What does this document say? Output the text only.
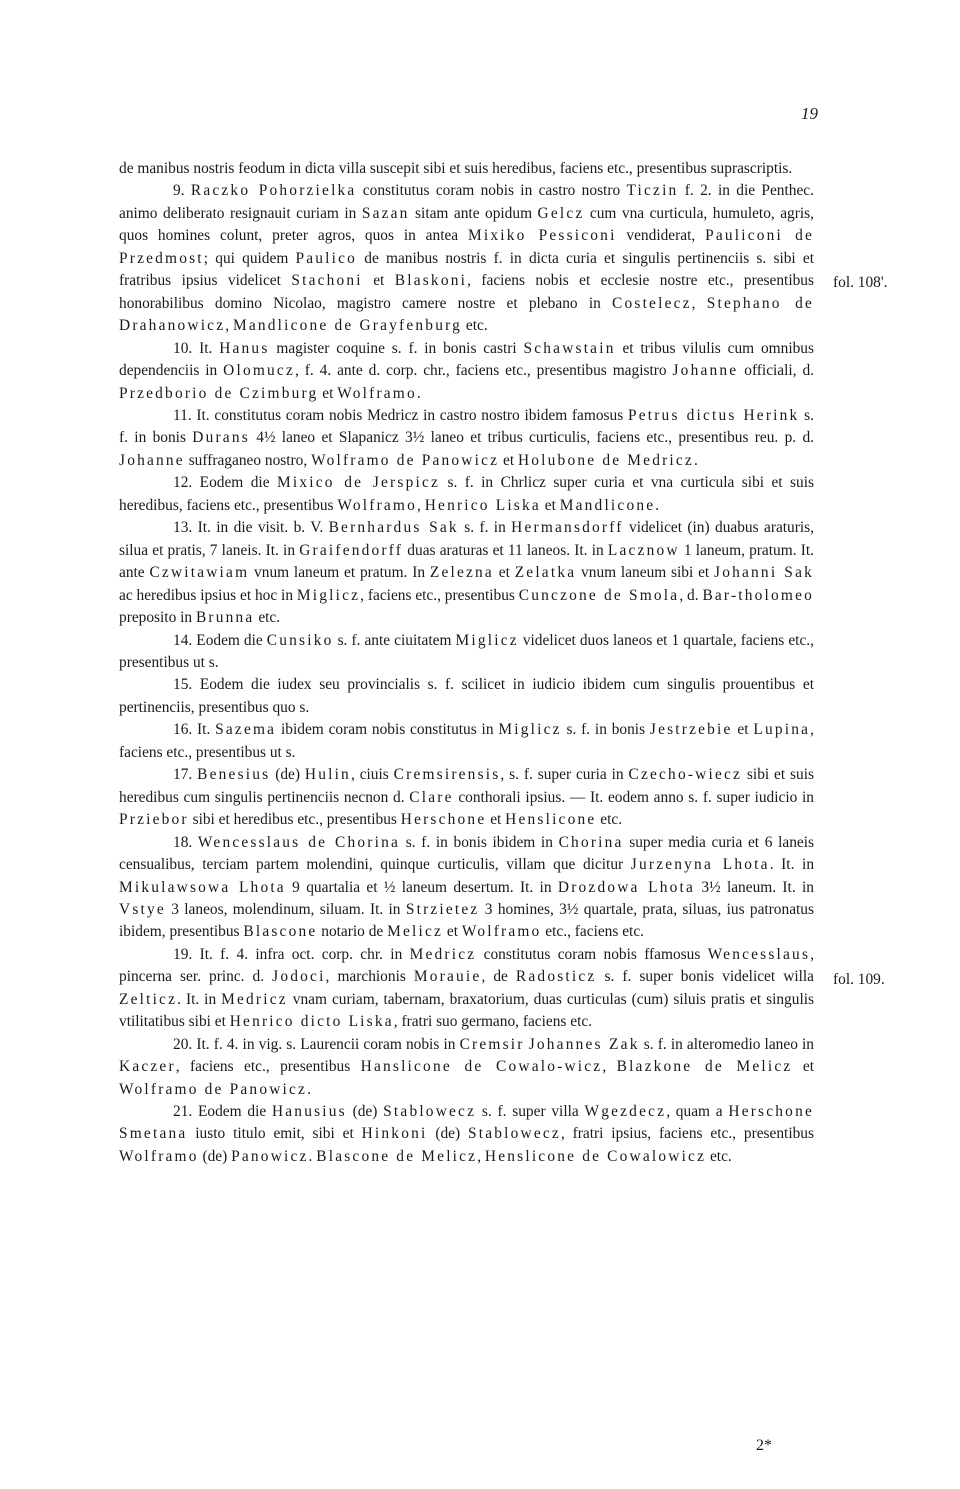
19

de manibus nostris feodum in dicta villa suscepit sibi et suis heredibus, faciens etc., presentibus suprascriptis.

9. Raczko Pohorzielka constitutus coram nobis in castro nostro Ticzin f. 2. in die Penthec. animo deliberato resignauit curiam in Sazan sitam ante opidum Gelcz cum vna curticula, humuleto, agris, quos homines colunt, preter agros, quos in antea Mixiko Pessiconi vendiderat, Pauliconi de Przedmost; qui quidem Paulico de manibus nostris f. in dicta curia et singulis pertinenciis s. sibi et fratribus ipsius videlicet Stachoni et Blaskoni, faciens nobis et ecclesie nostre etc., presentibus honorabilibus domino Nicolao, magistro camere nostre et plebano in Costelecz, Stephano de Drahanowicz, Mandlicone de Grayfenburg etc.

10. It. Hanus magister coquine s. f. in bonis castri Schawstain et tribus vilulis cum omnibus dependenciis in Olomucz, f. 4. ante d. corp. chr., faciens etc., presentibus magistro Johanne officiali, d. Przedborio de Czimburg et Wolframo.

11. It. constitutus coram nobis Medricz in castro nostro ibidem famosus Petrus dictus Herink s. f. in bonis Durans 4½ laneo et Slapanicz 3½ laneo et tribus curticulis, faciens etc., presentibus reu. p. d. Johanne suffraganeo nostro, Wolframo de Panowicz et Holubone de Medricz.

12. Eodem die Mixico de Jerspicz s. f. in Chrlicz super curia et vna curticula sibi et suis heredibus, faciens etc., presentibus Wolframo, Henrico Liska et Mandlicone.

13. It. in die visit. b. V. Bernhardus Sak s. f. in Hermansdorff videlicet (in) duabus araturis, silua et pratis, 7 laneis. It. in Graifendorff duas araturas et 11 laneos. It. in Lacznow 1 laneum, pratum. It. ante Czwitawiam vnum laneum et pratum. In Zelezna et Zelatka vnum laneum sibi et Johanni Sak ac heredibus ipsius et hoc in Miglicz, faciens etc., presentibus Cunczone de Smola, d. Bar-tholomeo preposito in Brunna etc.

14. Eodem die Cunsiko s. f. ante ciuitatem Miglicz videlicet duos laneos et 1 quartale, faciens etc., presentibus ut s.

15. Eodem die iudex seu provincialis s. f. scilicet in iudicio ibidem cum singulis prouentibus et pertinenciis, presentibus quo s.

16. It. Sazema ibidem coram nobis constitutus in Miglicz s. f. in bonis Jestrzebie et Lupina, faciens etc., presentibus ut s.

17. Benesius (de) Hulin, ciuis Cremsirensis, s. f. super curia in Czecho-wiecz sibi et suis heredibus cum singulis pertinenciis necnon d. Clare conthorali ipsius. — It. eodem anno s. f. super iudicio in Prziebor sibi et heredibus etc., presentibus Herschone et Henslicone etc.

18. Wencesslaus de Chorina s. f. in bonis ibidem in Chorina super media curia et 6 laneis censualibus, terciam partem molendini, quinque curticulis, villam que dicitur Jurzenyna Lhota. It. in Mikulawsowa Lhota 9 quartalia et ½ laneum desertum. It. in Drozdowa Lhota 3½ laneum. It. in Vstye 3 laneos, molendinum, siluam. It. in Strzietez 3 homines, 3½ quartale, prata, siluas, ius patronatus ibidem, presentibus Blascone notario de Melicz et Wolframo etc., faciens etc.

19. It. f. 4. infra oct. corp. chr. in Medricz constitutus coram nobis ffamosus Wencesslaus, pincerna ser. princ. d. Jodoci, marchionis Morauie, de Radosticz s. f. super bonis videlicet willa Zelticz. It. in Medricz vnam curiam, tabernam, braxatorium, duas curticulas (cum) siluis pratis et singulis vtilitatibus sibi et Henrico dicto Liska, fratri suo germano, faciens etc.

20. It. f. 4. in vig. s. Laurencii coram nobis in Cremsir Johannes Zak s. f. in alteromedio laneo in Kaczer, faciens etc., presentibus Hanslicone de Cowalo-wicz, Blazkone de Melicz et Wolframo de Panowicz.

21. Eodem die Hanusius (de) Stablowecz s. f. super villa Wgezdecz, quam a Herschone Smetana iusto titulo emit, sibi et Hinkoni (de) Stablowecz, fratri ipsius, faciens etc., presentibus Wolframo (de) Panowicz. Blascone de Melicz, Henslicone de Cowalowicz etc.

fol. 108'.
fol. 109.
2*
